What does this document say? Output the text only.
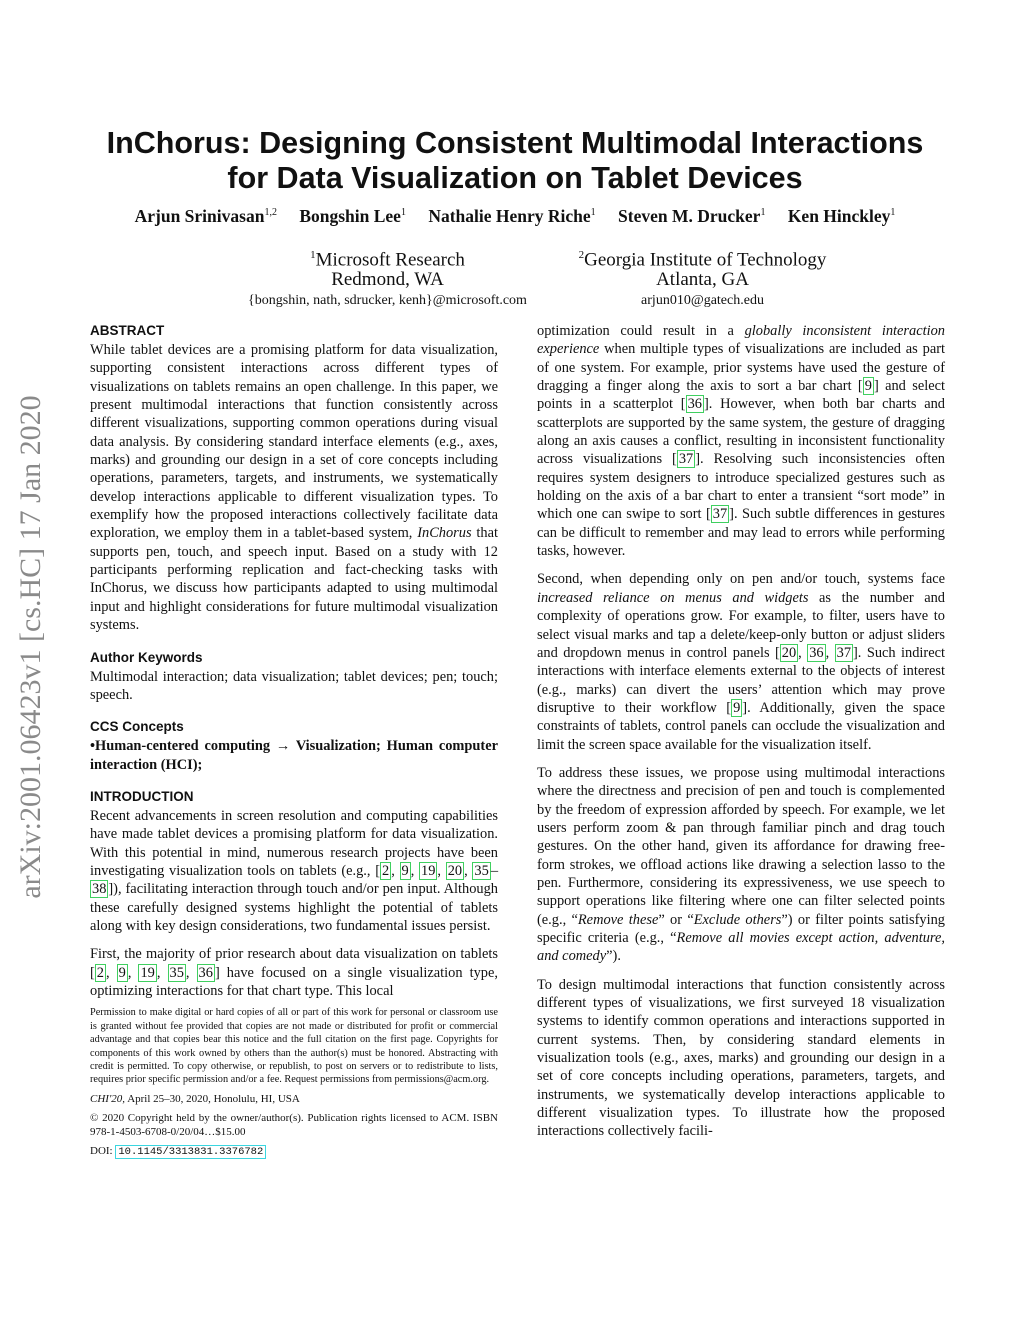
arXiv:2001.06423v1 [cs.HC] 17 Jan 2020
InChorus: Designing Consistent Multimodal Interactions
for Data Visualization on Tablet Devices
Arjun Srinivasan$^{1,2}$ Bongshin Lee$^1$ Nathalie Henry Riche$^1$ Steven M. Drucker$^1$ Ken Hinckley$^1$
$^1$Microsoft Research
Redmond, WA
{bongshin, nath, sdrucker, kenh}@microsoft.com
$^2$Georgia Institute of Technology
Atlanta, GA
arjun010@gatech.edu
ABSTRACT

While tablet devices are a promising platform for data visualization, supporting consistent interactions across different types of visualizations on tablets remains an open challenge. In this paper, we present multimodal interactions that function consistently across different visualizations, supporting common operations during visual data analysis. By considering standard interface elements (e.g., axes, marks) and grounding our design in a set of core concepts including operations, parameters, targets, and instruments, we systematically develop interactions applicable to different visualization types. To exemplify how the proposed interactions collectively facilitate data exploration, we employ them in a tablet-based system, InChorus that supports pen, touch, and speech input. Based on a study with 12 participants performing replication and fact-checking tasks with InChorus, we discuss how participants adapted to using multimodal input and highlight considerations for future multimodal visualization systems.

Author Keywords

Multimodal interaction; data visualization; tablet devices; pen; touch; speech.

CCS Concepts

•Human-centered computing → Visualization; Human computer interaction (HCI);

INTRODUCTION

Recent advancements in screen resolution and computing capabilities have made tablet devices a promising platform for data visualization. With this potential in mind, numerous research projects have been investigating visualization tools on tablets (e.g., [ 2 , 9 , 19 , 20 , 35 –38 ]), facilitating interaction through touch and/or pen input. Although these carefully designed systems highlight the potential of tablets along with key design considerations, two fundamental issues persist.

First, the majority of prior research about data visualization on tablets [ 2 , 9 , 19 , 35 , 36 ] have focused on a single visualization type, optimizing interactions for that chart type. This local

Permission to make digital or hard copies of all or part of this work for personal or classroom use is granted without fee provided that copies are not made or distributed for profit or commercial advantage and that copies bear this notice and the full citation on the first page. Copyrights for components of this work owned by others than the author(s) must be honored. Abstracting with credit is permitted. To copy otherwise, or republish, to post on servers or to redistribute to lists, requires prior specific permission and/or a fee. Request permissions from permissions@acm.org.

CHI'20, April 25–30, 2020, Honolulu, HI, USA

© 2020 Copyright held by the owner/author(s). Publication rights licensed to ACM. ISBN 978-1-4503-6708-0/20/04…$15.00

DOI: 10.1145/3313831.3376782

optimization could result in a globally inconsistent interaction experience when multiple types of visualizations are included as part of one system. For example, prior systems have used the gesture of dragging a finger along the axis to sort a bar chart [ 9 ] and select points in a scatterplot [ 36 ]. However, when both bar charts and scatterplots are supported by the same system, the gesture of dragging along an axis causes a conflict, resulting in inconsistent functionality across visualizations [ 37 ]. Resolving such inconsistencies often requires system designers to introduce specialized gestures such as holding on the axis of a bar chart to enter a transient “sort mode” in which one can swipe to sort [ 37 ]. Such subtle differences in gestures can be difficult to remember and may lead to errors while performing tasks, however.

Second, when depending only on pen and/or touch, systems face increased reliance on menus and widgets as the number and complexity of operations grow. For example, to filter, users have to select visual marks and tap a delete/keep-only button or adjust sliders and dropdown menus in control panels [ 20 , 36 , 37 ]. Such indirect interactions with interface elements external to the objects of interest (e.g., marks) can divert the users’ attention which may prove disruptive to their workflow [ 9 ]. Additionally, given the space constraints of tablets, control panels can occlude the visualization and limit the screen space available for the visualization itself.

To address these issues, we propose using multimodal interactions where the directness and precision of pen and touch is complemented by the freedom of expression afforded by speech. For example, we let users perform zoom & pan through familiar pinch and drag touch gestures. On the other hand, given its affordance for drawing free-form strokes, we offload actions like drawing a selection lasso to the pen. Furthermore, considering its expressiveness, we use speech to support operations like filtering where one can filter selected points (e.g., “Remove these” or “Exclude others”) or filter points satisfying specific criteria (e.g., “Remove all movies except action, adventure, and comedy”).

To design multimodal interactions that function consistently across different types of visualizations, we first surveyed 18 visualization systems to identify common operations and interactions supported in current systems. Then, by considering standard elements in visualization tools (e.g., axes, marks) and grounding our design in a set of core concepts including operations, parameters, targets, and instruments, we systematically develop interactions applicable to different visualization types. To illustrate how the proposed interactions collectively facili-
